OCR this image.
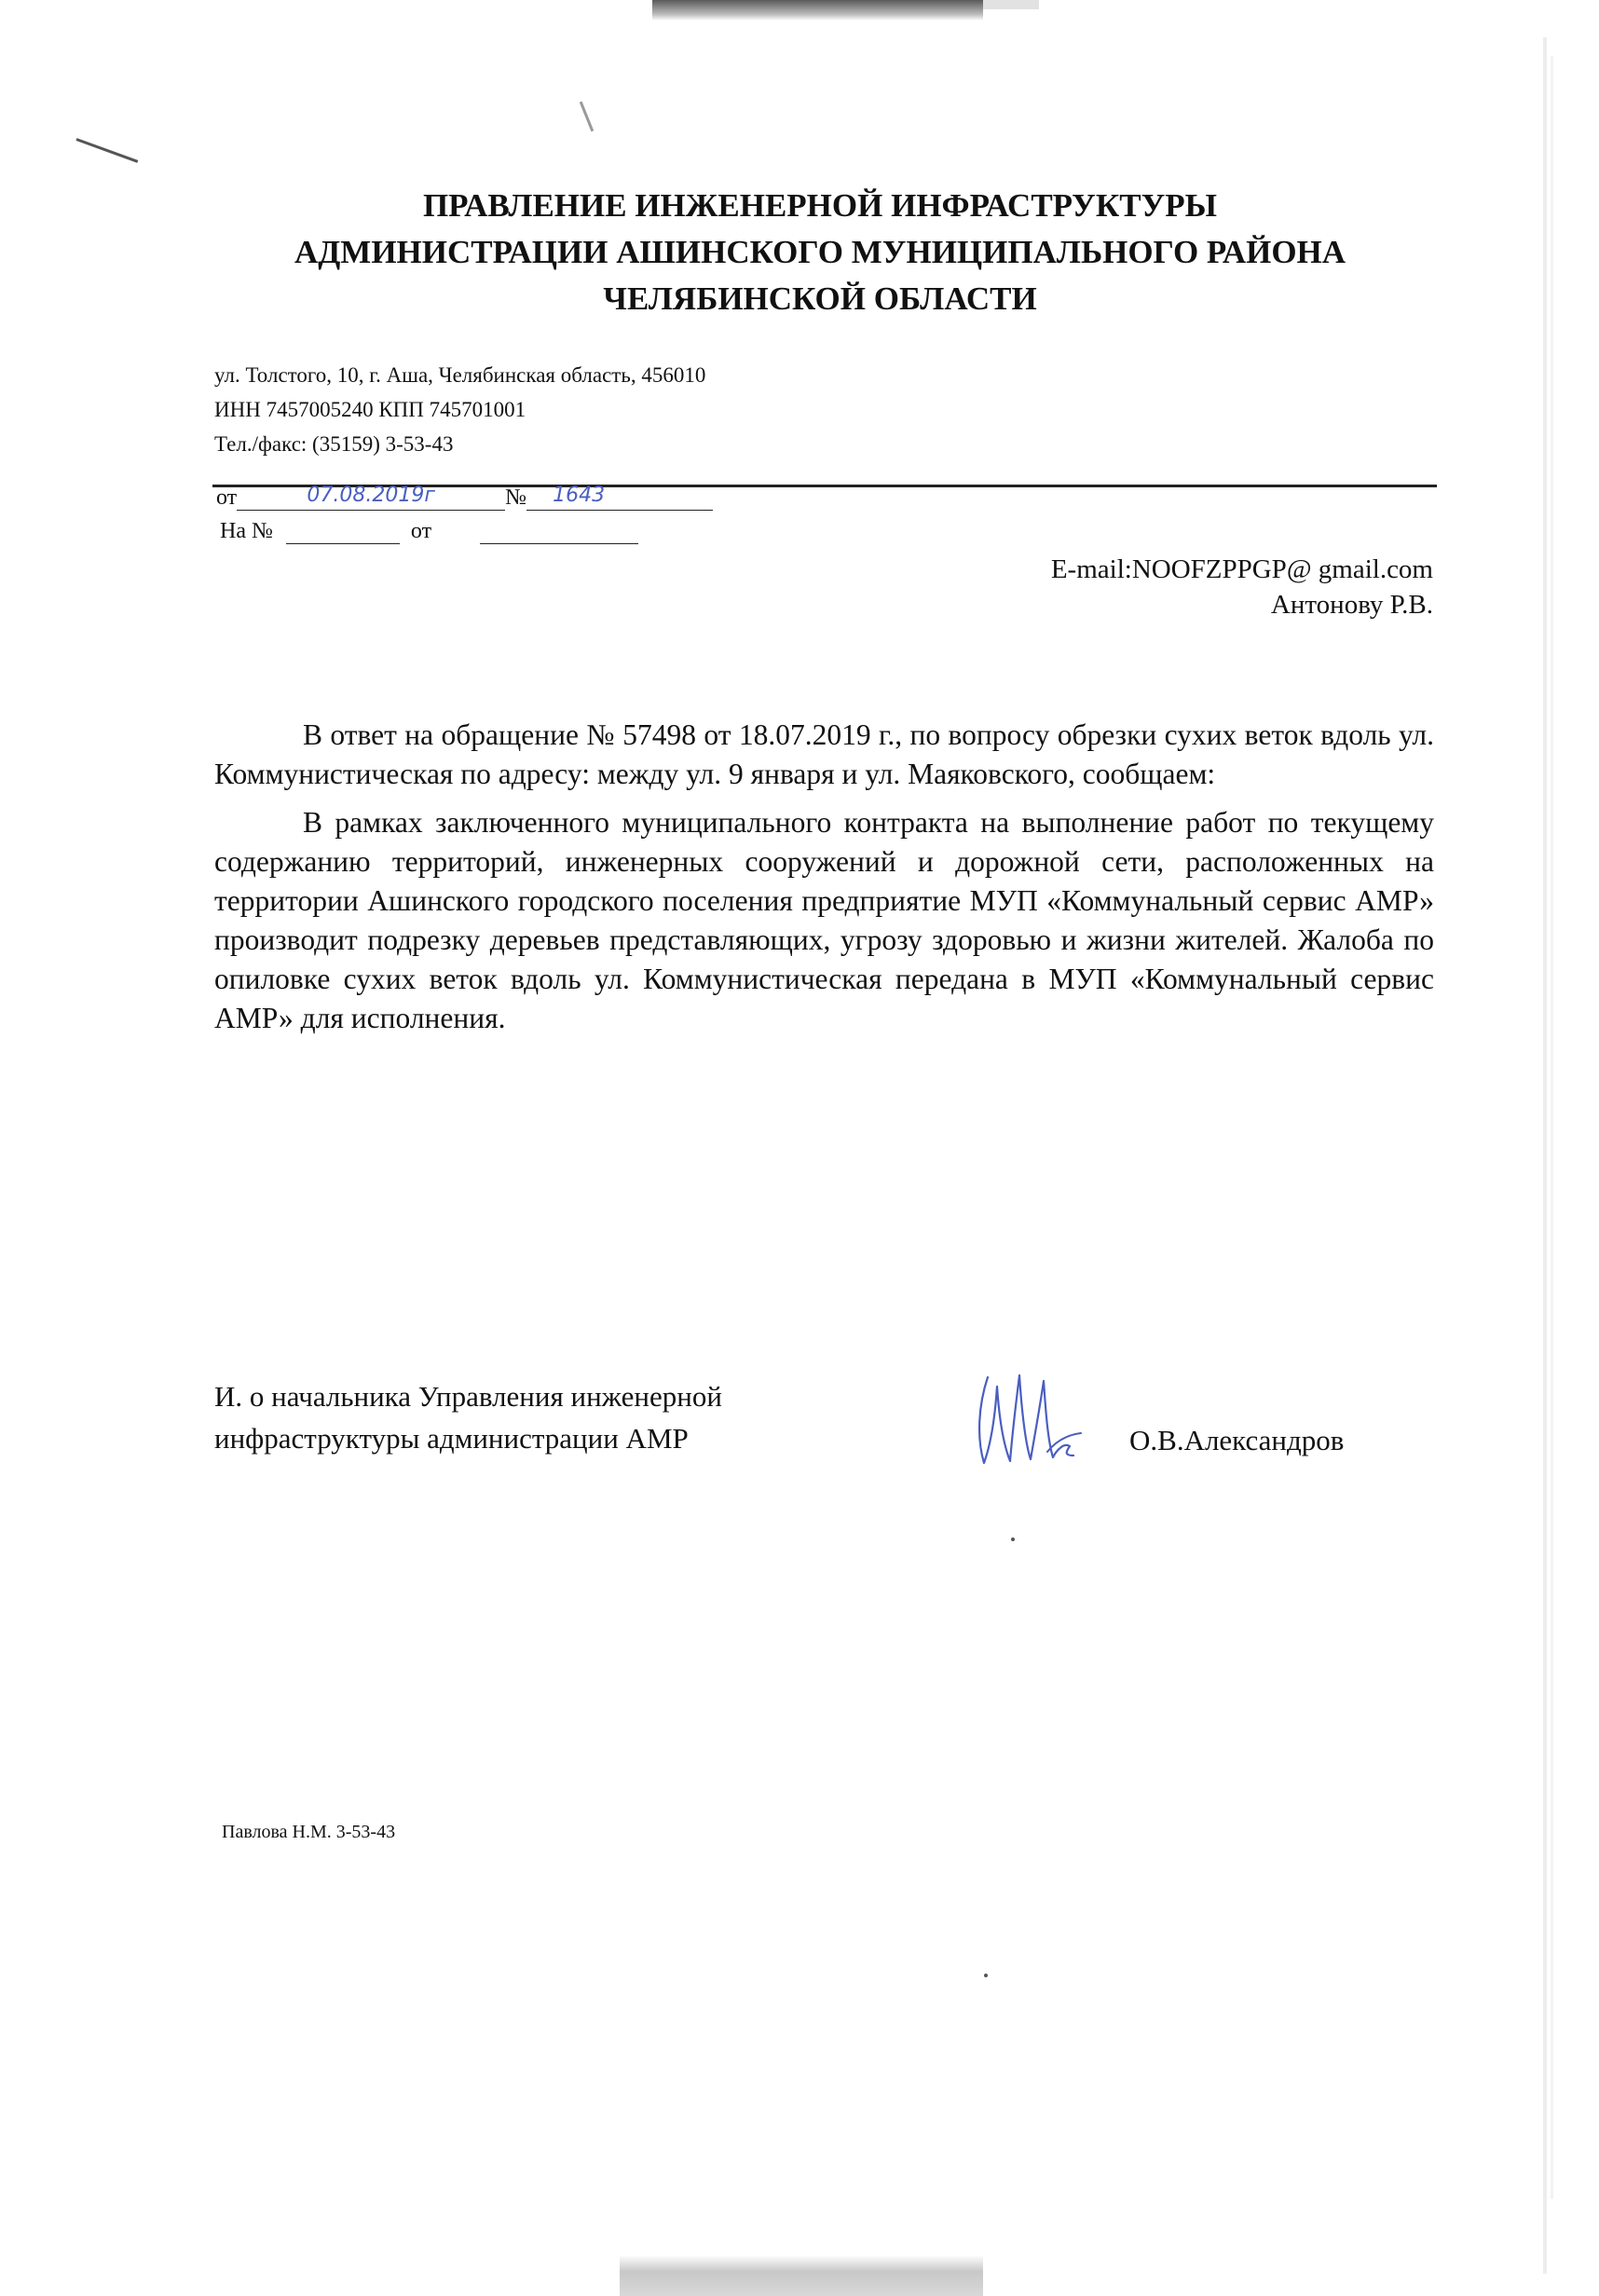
ПРАВЛЕНИЕ ИНЖЕНЕРНОЙ ИНФРАСТРУКТУРЫ
АДМИНИСТРАЦИИ АШИНСКОГО МУНИЦИПАЛЬНОГО РАЙОНА
ЧЕЛЯБИНСКОЙ ОБЛАСТИ
ул. Толстого, 10, г. Аша, Челябинская область, 456010
ИНН 7457005240 КПП 745701001
Тел./факс: (35159) 3-53-43
от	07.08.2019г	№ 1643
На №	от
E-mail:NOOFZPPGP@ gmail.com
Антонову Р.В.

В ответ на обращение № 57498 от 18.07.2019 г., по вопросу обрезки сухих веток вдоль ул. Коммунистическая по адресу: между ул. 9 января и ул. Маяковского, сообщаем:

В рамках заключенного муниципального контракта на выполнение работ по текущему содержанию территорий, инженерных сооружений и дорожной сети, расположенных на территории Ашинского городского поселения предприятие МУП «Коммунальный сервис АМР» производит подрезку деревьев представляющих, угрозу здоровью и жизни жителей. Жалоба по опиловке сухих веток вдоль ул. Коммунистическая передана в МУП «Коммунальный сервис АМР» для исполнения.

И. о начальника Управления инженерной
инфраструктуры администрации АМР	О.В.Александров
Павлова Н.М. 3-53-43
